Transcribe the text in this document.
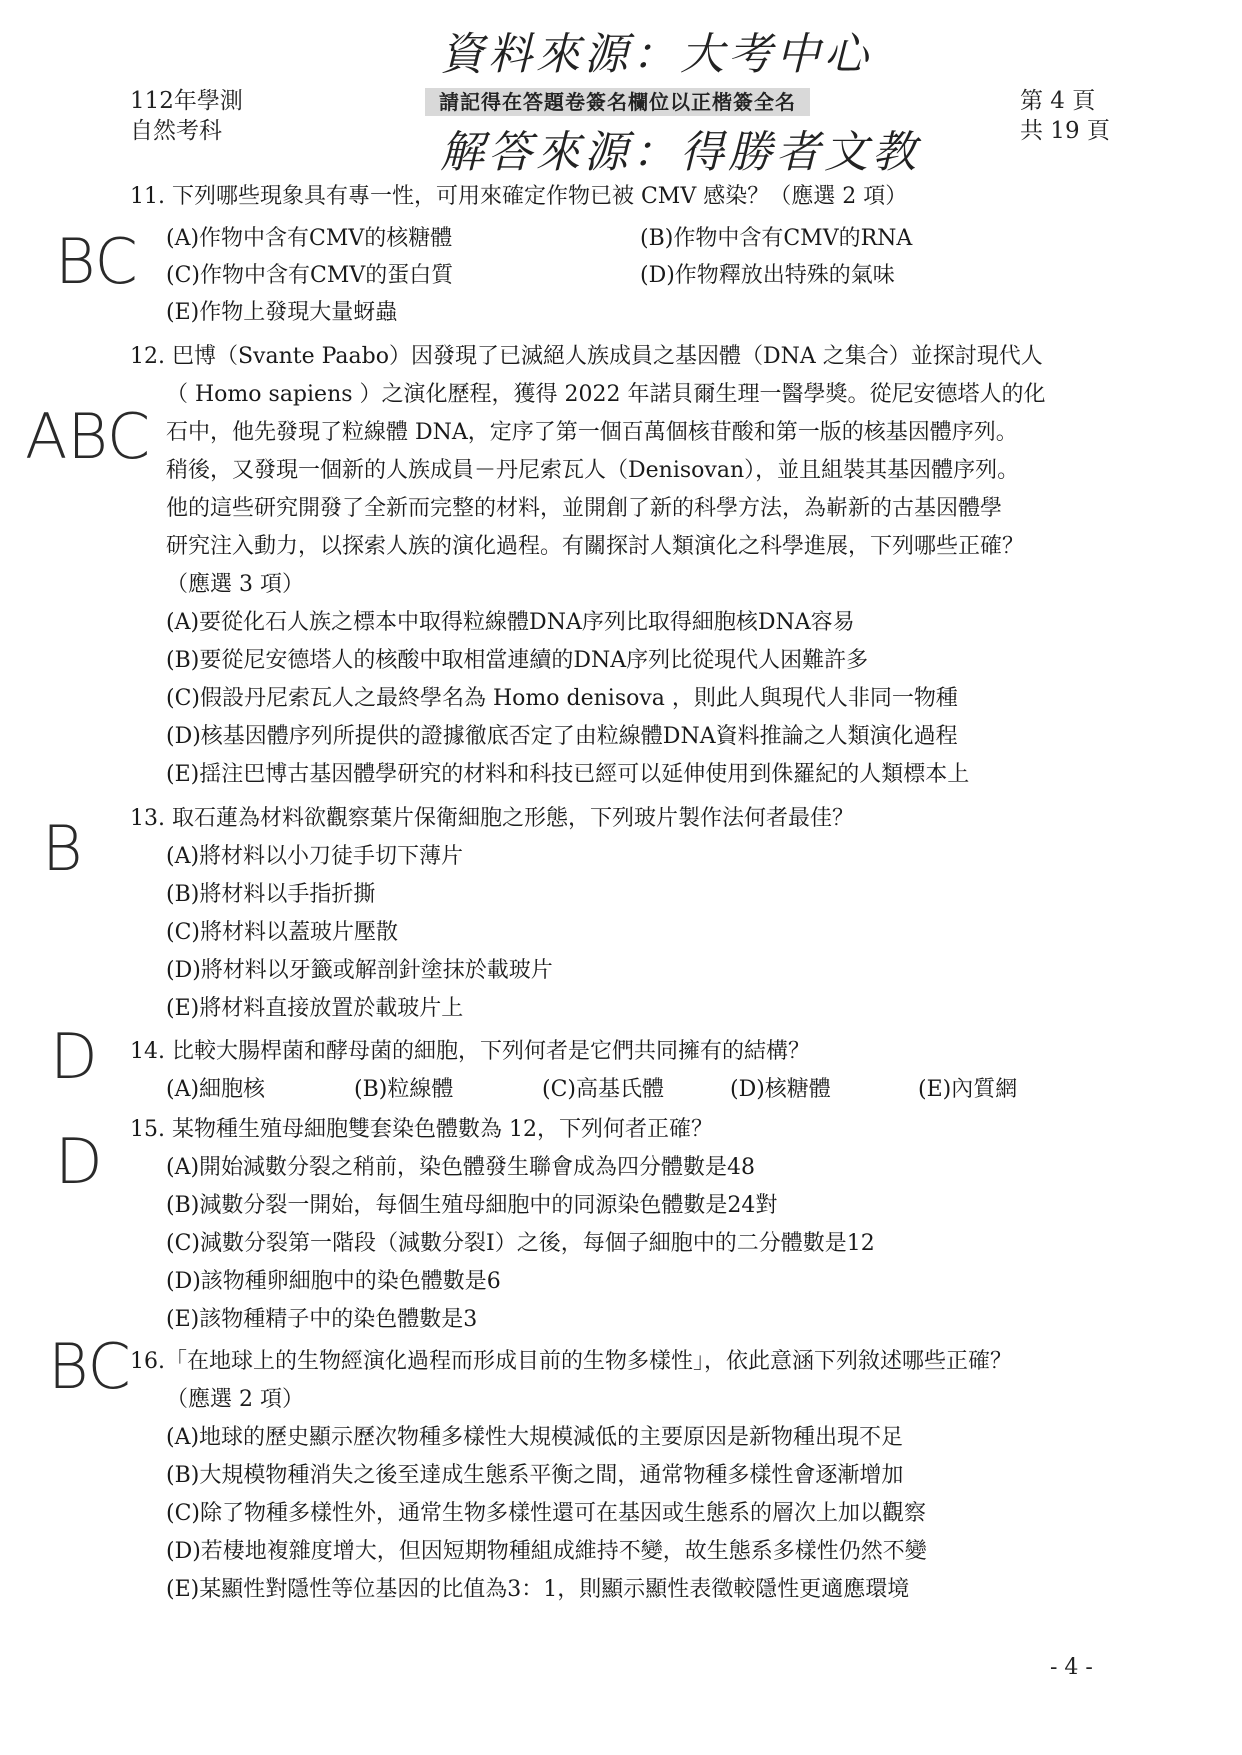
112年學測
自然考科
第 4 頁
共 19 頁
資料來源：大考中心
請記得在答題卷簽名欄位以正楷簽全名
解答來源：得勝者文教
BC
11. 下列哪些現象具有專一性，可用來確定作物已被 CMV 感染？（應選 2 項）
(A)作物中含有CMV的核糖體	(B)作物中含有CMV的RNA
(C)作物中含有CMV的蛋白質	(D)作物釋放出特殊的氣味
(E)作物上發現大量蚜蟲
ABC
12. 巴博（Svante Paabo）因發現了已滅絕人族成員之基因體（DNA 之集合）並探討現代人
（ Homo sapiens ）之演化歷程，獲得 2022 年諾貝爾生理一醫學獎。從尼安德塔人的化
石中，他先發現了粒線體 DNA，定序了第一個百萬個核苷酸和第一版的核基因體序列。
稍後，又發現一個新的人族成員－丹尼索瓦人（Denisovan），並且組裝其基因體序列。
他的這些研究開發了全新而完整的材料，並開創了新的科學方法，為嶄新的古基因體學
研究注入動力，以探索人族的演化過程。有關探討人類演化之科學進展，下列哪些正確？
（應選 3 項）
(A)要從化石人族之標本中取得粒線體DNA序列比取得細胞核DNA容易
(B)要從尼安德塔人的核酸中取相當連續的DNA序列比從現代人困難許多
(C)假設丹尼索瓦人之最終學名為 Homo denisova ，則此人與現代人非同一物種
(D)核基因體序列所提供的證據徹底否定了由粒線體DNA資料推論之人類演化過程
(E)揺注巴博古基因體學研究的材料和科技已經可以延伸使用到侏羅紀的人類標本上
B 13. 取石蓮為材料欲觀察葉片保衛細胞之形態，下列玻片製作法何者最佳？
(A)將材料以小刀徒手切下薄片
(B)將材料以手指折撕
(C)將材料以蓋玻片壓散
(D)將材料以牙籤或解剖針塗抹於載玻片
(E)將材料直接放置於載玻片上
D 14. 比較大腸桿菌和酵母菌的細胞，下列何者是它們共同擁有的結構？
(A)細胞核	(B)粒線體	(C)高基氏體	(D)核糖體	(E)內質網
D 15. 某物種生殖母細胞雙套染色體數為 12，下列何者正確？
(A)開始減數分裂之稍前，染色體發生聯會成為四分體數是48
(B)減數分裂一開始，每個生殖母細胞中的同源染色體數是24對
(C)減數分裂第一階段（減數分裂I）之後，每個子細胞中的二分體數是12
(D)該物種卵細胞中的染色體數是6
(E)該物種精子中的染色體數是3
BC 16.「在地球上的生物經演化過程而形成目前的生物多樣性」，依此意涵下列敘述哪些正確？
（應選 2 項）
(A)地球的歷史顯示歷次物種多樣性大規模減低的主要原因是新物種出現不足
(B)大規模物種消失之後至達成生態系平衡之間，通常物種多樣性會逐漸增加
(C)除了物種多樣性外，通常生物多樣性還可在基因或生態系的層次上加以觀察
(D)若棲地複雜度增大，但因短期物種組成維持不變，故生態系多樣性仍然不變
(E)某顯性對隱性等位基因的比值為3：1，則顯示顯性表徵較隱性更適應環境
- 4 -
